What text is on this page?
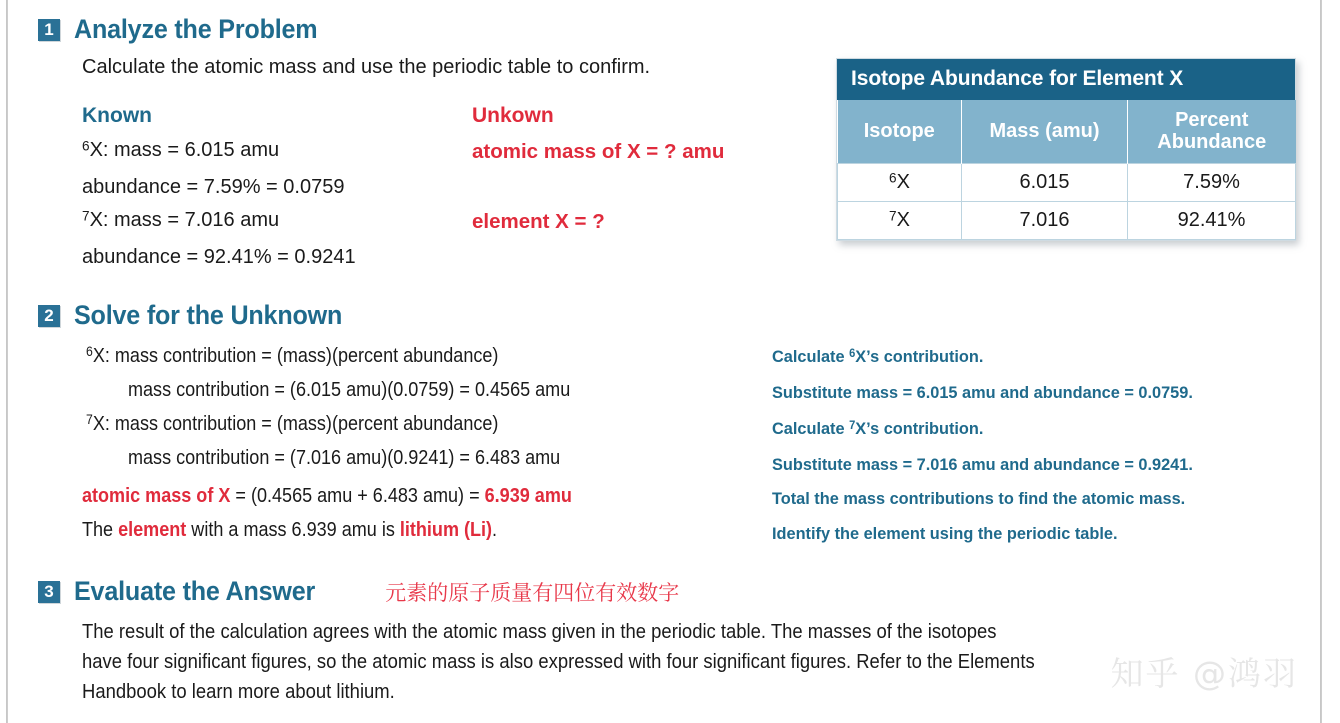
1 Analyze the Problem
Calculate the atomic mass and use the periodic table to confirm.
Known
$^6$X: mass = 6.015 amu
abundance = 7.59% = 0.0759
$^7$X: mass = 7.016 amu
abundance = 92.41% = 0.9241
Unkown
atomic mass of X = ? amu
element X = ?
Isotope Abundance for Element X
Isotope	Mass (amu)	Percent Abundance
$^6$X	6.015	7.59%
$^7$X	7.016	92.41%
2 Solve for the Unknown
$^6$X: mass contribution = (mass)(percent abundance)
mass contribution = (6.015 amu)(0.0759) = 0.4565 amu
$^7$X: mass contribution = (mass)(percent abundance)
mass contribution = (7.016 amu)(0.9241) = 6.483 amu
atomic mass of X = (0.4565 amu + 6.483 amu) = 6.939 amu
The element with a mass 6.939 amu is lithium (Li).
Calculate $^6$X’s contribution.
Substitute mass = 6.015 amu and abundance = 0.0759.
Calculate $^7$X’s contribution.
Substitute mass = 7.016 amu and abundance = 0.9241.
Total the mass contributions to find the atomic mass.
Identify the element using the periodic table.
3 Evaluate the Answer	元素的原子质量有四位有效数字
The result of the calculation agrees with the atomic mass given in the periodic table. The masses of the isotopes have four significant figures, so the atomic mass is also expressed with four significant figures. Refer to the Elements Handbook to learn more about lithium.	知乎 @鸿羽
